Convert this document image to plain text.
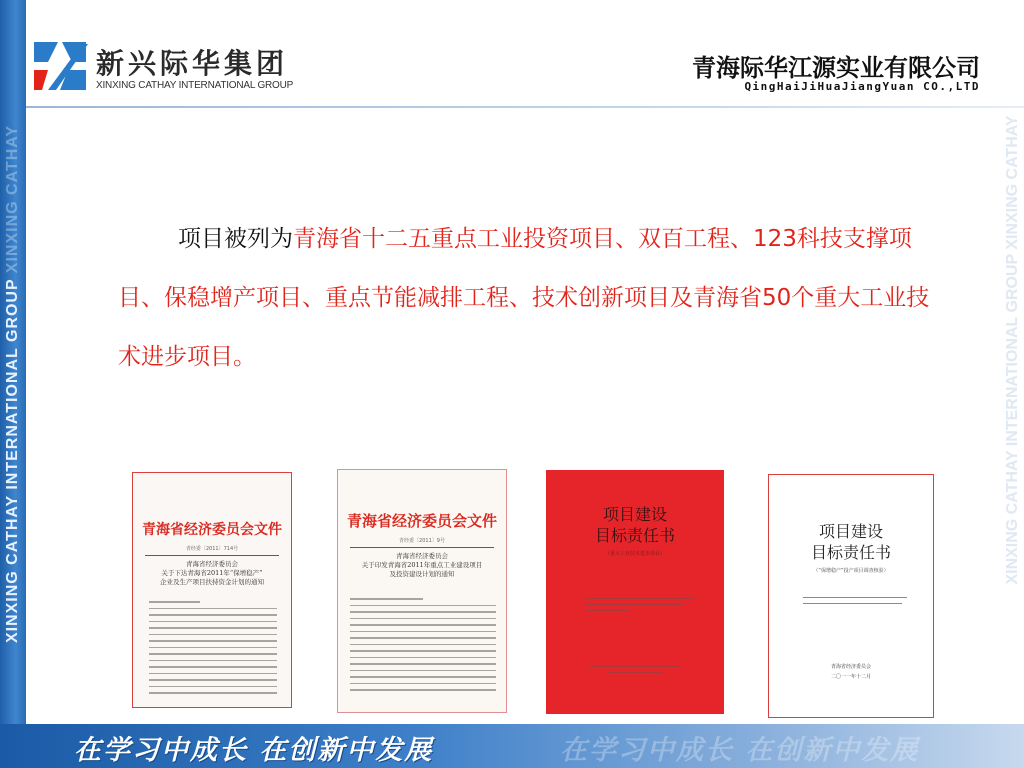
XINXING CATHAY INTERNATIONAL GROUP XINXING CATHAY	XINXING CATHAY INTERNATIONAL GROUP XINXING CATHAY
新兴际华集团
XINXING CATHAY INTERNATIONAL GROUP
青海际华江源实业有限公司
QingHaiJiHuaJiangYuan CO.,LTD
项目被列为青海省十二五重点工业投资项目、双百工程、123科技支撑项目、保稳增产项目、重点节能减排工程、技术创新项目及青海省50个重大工业技术进步项目。
青海省经济委员会文件
青经委〔2011〕714号
青海省经济委员会
关于下达青海省2011年“保增稳产”
企业及生产项目扶持资金计划的通知
青海省经济委员会文件
青经委〔2011〕9号
青海省经济委员会
关于印发青海省2011年重点工业建设项目
及投资建设计划的通知
项目建设
目标责任书
（重大工业技术进步项目）
项目建设
目标责任书
（“保增稳产”投产项目调查核验）
青海省经济委员会
二〇一一年十二月
在学习中成长 在创新中发展	在学习中成长 在创新中发展
